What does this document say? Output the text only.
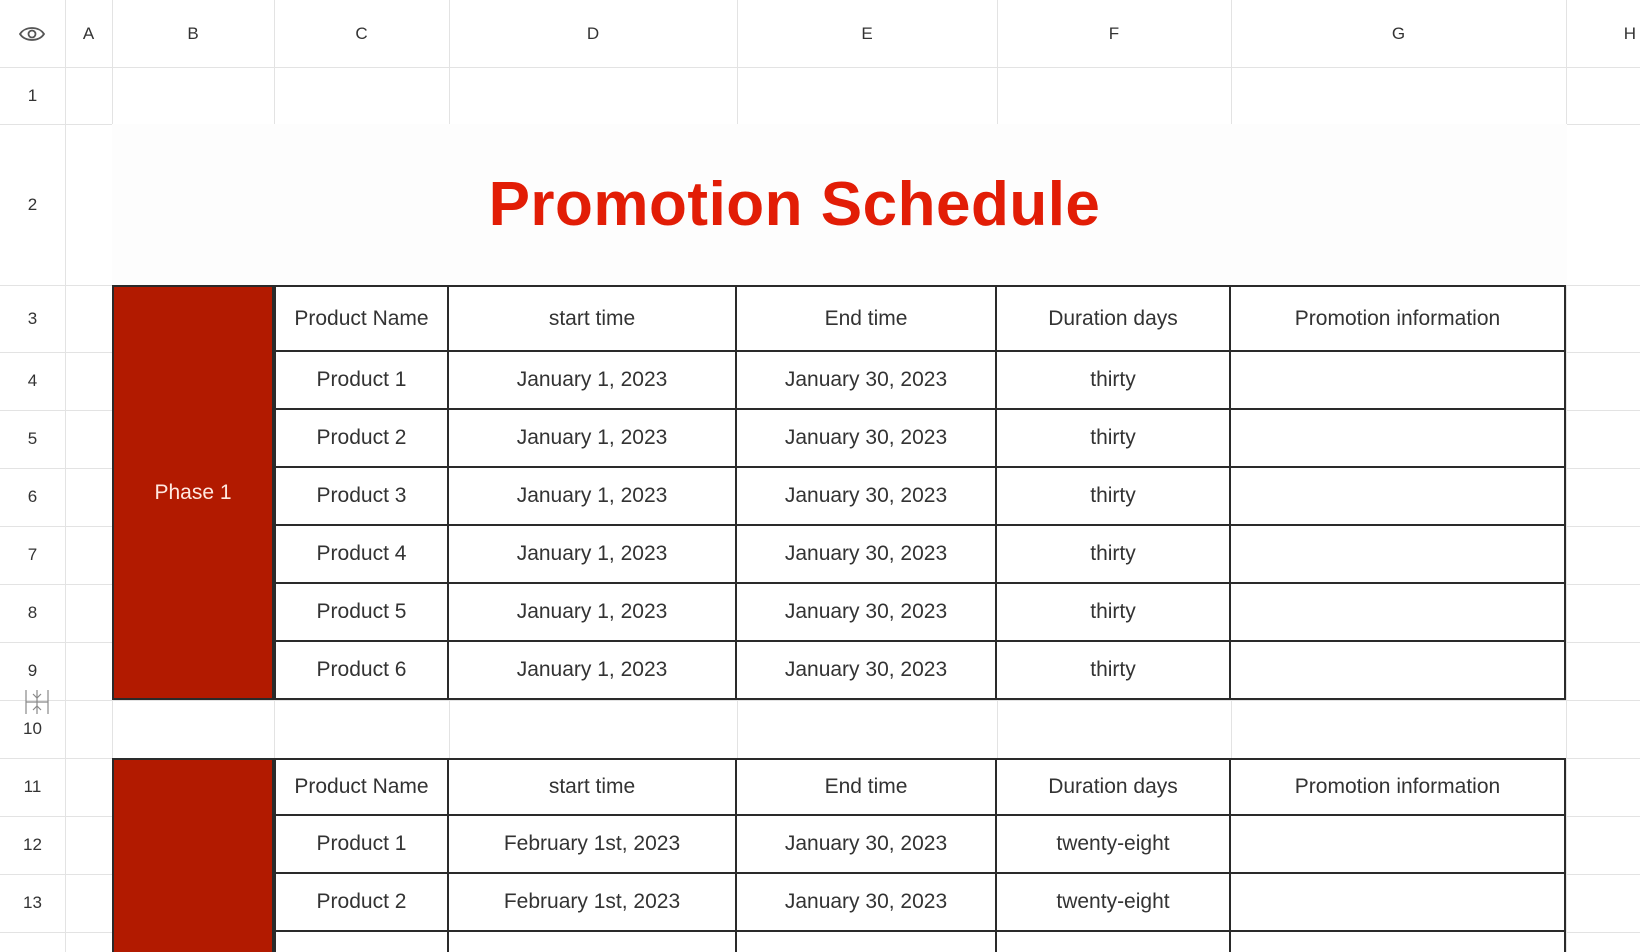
A	B	C	D	E	F	G	H
1
2
3
4
5
6
7
8
9
10
11
12
13
Promotion Schedule
Phase 1
Product Name	start time	End time	Duration days	Promotion information
Product 1	January 1, 2023	January 30, 2023	thirty
Product 2	January 1, 2023	January 30, 2023	thirty
Product 3	January 1, 2023	January 30, 2023	thirty
Product 4	January 1, 2023	January 30, 2023	thirty
Product 5	January 1, 2023	January 30, 2023	thirty
Product 6	January 1, 2023	January 30, 2023	thirty
Product Name	start time	End time	Duration days	Promotion information
Product 1	February 1st, 2023	January 30, 2023	twenty-eight
Product 2	February 1st, 2023	January 30, 2023	twenty-eight
